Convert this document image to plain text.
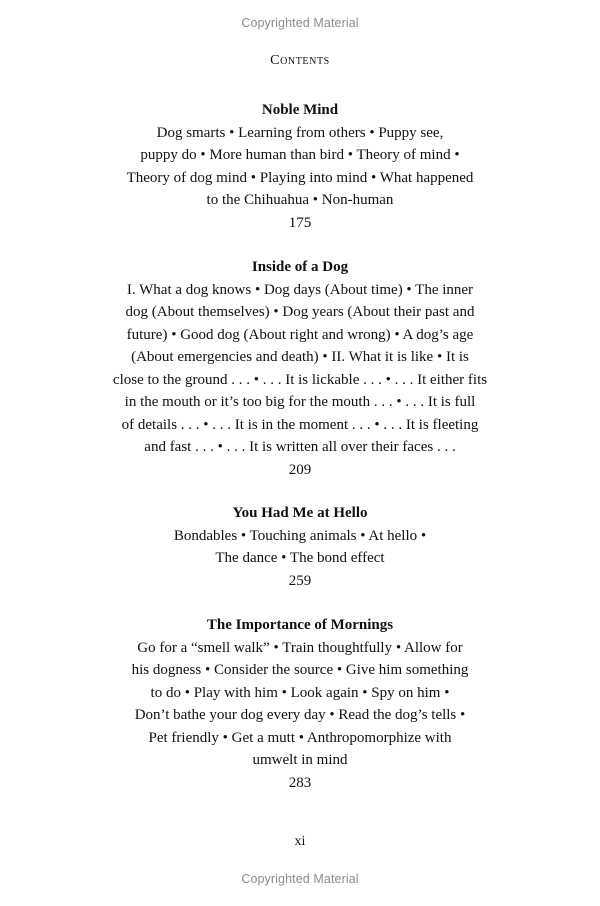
Copyrighted Material
Contents
Noble Mind
Dog smarts • Learning from others • Puppy see,
puppy do • More human than bird • Theory of mind •
Theory of dog mind • Playing into mind • What happened
to the Chihuahua • Non-human
175
Inside of a Dog
I. What a dog knows • Dog days (About time) • The inner
dog (About themselves) • Dog years (About their past and
future) • Good dog (About right and wrong) • A dog’s age
(About emergencies and death) • II. What it is like • It is
close to the ground . . . • . . . It is lickable . . . • . . . It either fits
in the mouth or it’s too big for the mouth . . . • . . . It is full
of details . . . • . . . It is in the moment . . . • . . . It is fleeting
and fast . . . • . . . It is written all over their faces . . .
209
You Had Me at Hello
Bondables • Touching animals • At hello •
The dance • The bond effect
259
The Importance of Mornings
Go for a “smell walk” • Train thoughtfully • Allow for
his dogness • Consider the source • Give him something
to do • Play with him • Look again • Spy on him •
Don’t bathe your dog every day • Read the dog’s tells •
Pet friendly • Get a mutt • Anthropomorphize with
umwelt in mind
283
xi
Copyrighted Material
